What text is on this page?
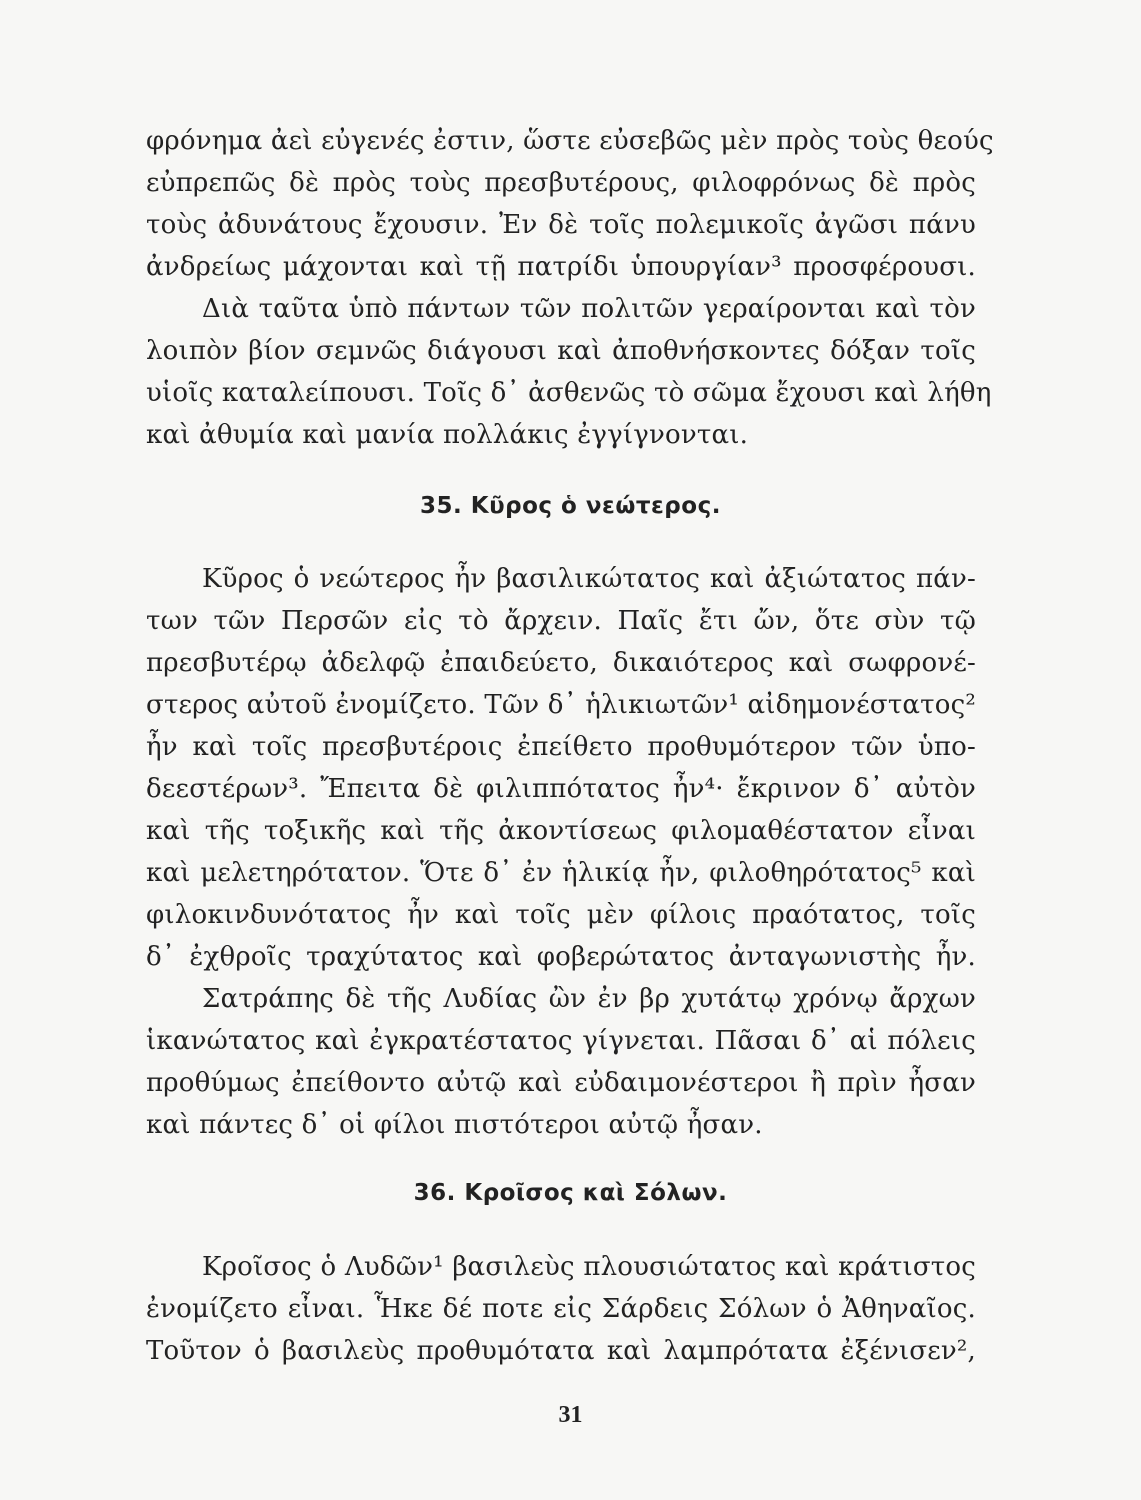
φρόνημα ἀεὶ εὐγενές ἐστιν, ὥστε εὐσεβῶς μὲν πρὸς τοὺς θεούς
εὐπρεπῶς δὲ πρὸς τοὺς πρεσβυτέρους, φιλοφρόνως δὲ πρὸς
τοὺς ἀδυνάτους ἔχουσιν. Ἐν δὲ τοῖς πολεμικοῖς ἀγῶσι πάνυ
ἀνδρείως μάχονται καὶ τῇ πατρίδι ὑπουργίαν³ προσφέρουσι.
Διὰ ταῦτα ὑπὸ πάντων τῶν πολιτῶν γεραίρονται καὶ τὸν
λοιπὸν βίον σεμνῶς διάγουσι καὶ ἀποθνήσκοντες δόξαν τοῖς
υἱοῖς καταλείπουσι. Τοῖς δ᾽ ἀσθενῶς τὸ σῶμα ἔχουσι καὶ λήθη
καὶ ἀθυμία καὶ μανία πολλάκις ἐγγίγνονται.
35. Κῦρος ὁ νεώτερος.
Κῦρος ὁ νεώτερος ἦν βασιλικώτατος καὶ ἀξιώτατος πάν-
των τῶν Περσῶν εἰς τὸ ἄρχειν. Παῖς ἔτι ὤν, ὅτε σὺν τῷ
πρεσβυτέρῳ ἀδελφῷ ἐπαιδεύετο, δικαιότερος καὶ σωφρονέ-
στερος αὐτοῦ ἐνομίζετο. Τῶν δ᾽ ἡλικιωτῶν¹ αἰδημονέστατος²
ἦν καὶ τοῖς πρεσβυτέροις ἐπείθετο προθυμότερον τῶν ὑπο-
δεεστέρων³. Ἔπειτα δὲ φιλιππότατος ἦν⁴· ἔκρινον δ᾽ αὐτὸν
καὶ τῆς τοξικῆς καὶ τῆς ἀκοντίσεως φιλομαθέστατον εἶναι
καὶ μελετηρότατον. Ὅτε δ᾽ ἐν ἡλικίᾳ ἦν, φιλοθηρότατος⁵ καὶ
φιλοκινδυνότατος ἦν καὶ τοῖς μὲν φίλοις πραότατος, τοῖς
δ᾽ ἐχθροῖς τραχύτατος καὶ φοβερώτατος ἀνταγωνιστὴς ἦν.
Σατράπης δὲ τῆς Λυδίας ὢν ἐν βρ χυτάτῳ χρόνῳ ἄρχων
ἱκανώτατος καὶ ἐγκρατέστατος γίγνεται. Πᾶσαι δ᾽ αἱ πόλεις
προθύμως ἐπείθοντο αὐτῷ καὶ εὐδαιμονέστεροι ἢ πρὶν ἦσαν
καὶ πάντες δ᾽ οἱ φίλοι πιστότεροι αὐτῷ ἦσαν.
36. Κροῖσος καὶ Σόλων.
Κροῖσος ὁ Λυδῶν¹ βασιλεὺς πλουσιώτατος καὶ κράτιστος
ἐνομίζετο εἶναι. Ἧκε δέ ποτε εἰς Σάρδεις Σόλων ὁ Ἀθηναῖος.
Τοῦτον ὁ βασιλεὺς προθυμότατα καὶ λαμπρότατα ἐξένισεν²,
31
